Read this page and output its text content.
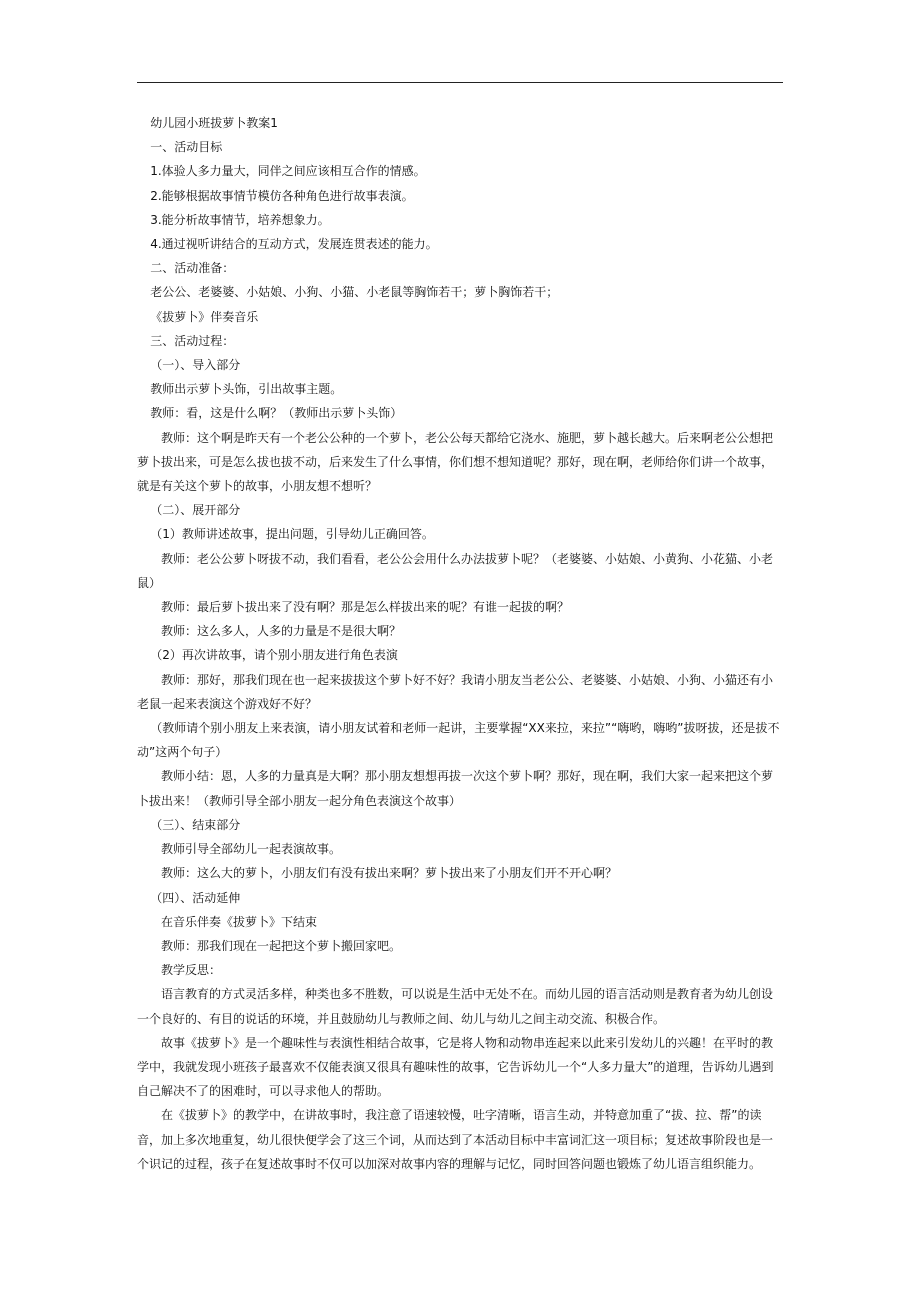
幼儿园小班拔萝卜教案1

一、活动目标

1.体验人多力量大，同伴之间应该相互合作的情感。

2.能够根据故事情节模仿各种角色进行故事表演。

3.能分析故事情节，培养想象力。

4.通过视听讲结合的互动方式，发展连贯表述的能力。

二、活动准备：

老公公、老婆婆、小姑娘、小狗、小猫、小老鼠等胸饰若干；萝卜胸饰若干；

《拔萝卜》伴奏音乐

三、活动过程：

（一）、导入部分

教师出示萝卜头饰，引出故事主题。

教师：看，这是什么啊？（教师出示萝卜头饰）

教师：这个啊是昨天有一个老公公种的一个萝卜，老公公每天都给它浇水、施肥，萝卜越长越大。后来啊老公公想把萝卜拔出来，可是怎么拔也拔不动，后来发生了什么事情，你们想不想知道呢？那好，现在啊，老师给你们讲一个故事，就是有关这个萝卜的故事，小朋友想不想听？

（二）、展开部分

（1）教师讲述故事，提出问题，引导幼儿正确回答。

教师：老公公萝卜呀拔不动，我们看看，老公公会用什么办法拔萝卜呢？（老婆婆、小姑娘、小黄狗、小花猫、小老鼠）

教师：最后萝卜拔出来了没有啊？那是怎么样拔出来的呢？有谁一起拔的啊？

教师：这么多人，人多的力量是不是很大啊？

（2）再次讲故事，请个别小朋友进行角色表演

教师：那好，那我们现在也一起来拔拔这个萝卜好不好？我请小朋友当老公公、老婆婆、小姑娘、小狗、小猫还有小老鼠一起来表演这个游戏好不好？

（教师请个别小朋友上来表演，请小朋友试着和老师一起讲，主要掌握“XX来拉，来拉”“嗨哟，嗨哟”拔呀拔，还是拔不动”这两个句子）

教师小结：恩，人多的力量真是大啊？那小朋友想想再拔一次这个萝卜啊？那好，现在啊，我们大家一起来把这个萝卜拔出来！（教师引导全部小朋友一起分角色表演这个故事）

（三）、结束部分

教师引导全部幼儿一起表演故事。

教师：这么大的萝卜，小朋友们有没有拔出来啊？萝卜拔出来了小朋友们开不开心啊？

（四）、活动延伸

在音乐伴奏《拔萝卜》下结束

教师：那我们现在一起把这个萝卜搬回家吧。

教学反思：

语言教育的方式灵活多样，种类也多不胜数，可以说是生活中无处不在。而幼儿园的语言活动则是教育者为幼儿创设一个良好的、有目的说话的环境，并且鼓励幼儿与教师之间、幼儿与幼儿之间主动交流、积极合作。

故事《拔萝卜》是一个趣味性与表演性相结合故事，它是将人物和动物串连起来以此来引发幼儿的兴趣！在平时的教学中，我就发现小班孩子最喜欢不仅能表演又很具有趣味性的故事，它告诉幼儿一个“人多力量大”的道理，告诉幼儿遇到自己解决不了的困难时，可以寻求他人的帮助。

在《拔萝卜》的教学中，在讲故事时，我注意了语速较慢，吐字清晰，语言生动，并特意加重了“拔、拉、帮”的读音，加上多次地重复，幼儿很快便学会了这三个词，从而达到了本活动目标中丰富词汇这一项目标；复述故事阶段也是一个识记的过程，孩子在复述故事时不仅可以加深对故事内容的理解与记忆，同时回答问题也锻炼了幼儿语言组织能力。
